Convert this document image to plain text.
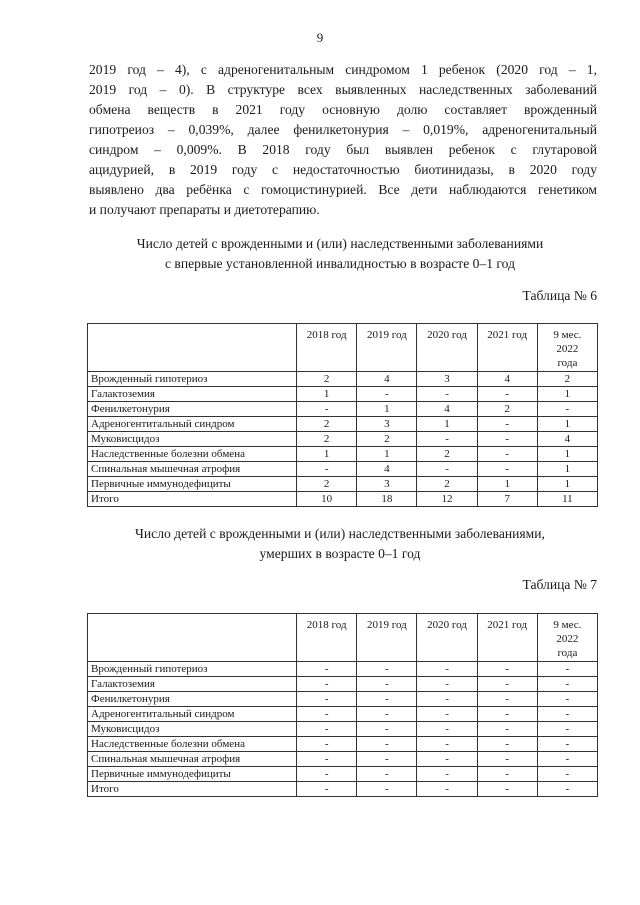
9
2019 год – 4), с адреногенитальным синдромом 1 ребенок (2020 год – 1,
2019 год – 0). В структуре всех выявленных наследственных заболеваний
обмена веществ в 2021 году основную долю составляет врожденный
гипотреиоз – 0,039%, далее фенилкетонурия – 0,019%, адреногенитальный
синдром – 0,009%. В 2018 году был выявлен ребенок с глутаровой
ацидурией, в 2019 году с недостаточностью биотинидазы, в 2020 году
выявлено два ребёнка с гомоцистинурией. Все дети наблюдаются генетиком
и получают препараты и диетотерапию.
Число детей с врожденными и (или) наследственными заболеваниями
с впервые установленной инвалидностью в возрасте 0–1 год
Таблица № 6
	2018 год	2019 год	2020 год	2021 год	9 мес.
2022
года

Врожденный гипотериоз	2	4	3	4	2
Галактоземия	1	-	-	-	1
Фенилкетонурия	-	1	4	2	-
Адреногентитальный синдром	2	3	1	-	1
Муковисцидоз	2	2	-	-	4
Наследственные болезни обмена	1	1	2	-	1
Спинальная мышечная атрофия	-	4	-	-	1
Первичные иммунодефициты	2	3	2	1	1
Итого	10	18	12	7	11
Число детей с врожденными и (или) наследственными заболеваниями,
умерших в возрасте 0–1 год
Таблица № 7
	2018 год	2019 год	2020 год	2021 год	9 мес.
2022
года

Врожденный гипотериоз	-	-	-	-	-
Галактоземия	-	-	-	-	-
Фенилкетонурия	-	-	-	-	-
Адреногентитальный синдром	-	-	-	-	-
Муковисцидоз	-	-	-	-	-
Наследственные болезни обмена	-	-	-	-	-
Спинальная мышечная атрофия	-	-	-	-	-
Первичные иммунодефициты	-	-	-	-	-
Итого	-	-	-	-	-
